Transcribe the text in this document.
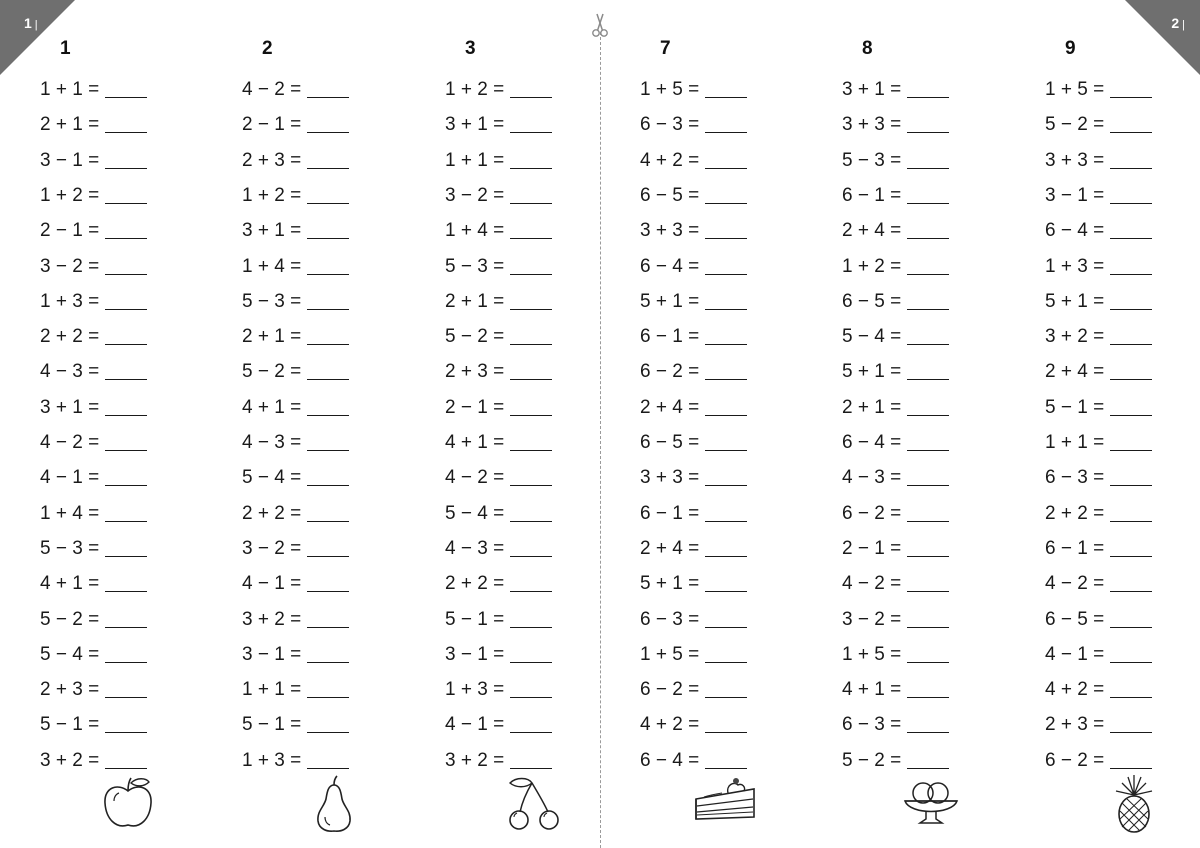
1 |	2 |
1
1 + 1 =
2 + 1 =
3 − 1 =
1 + 2 =
2 − 1 =
3 − 2 =
1 + 3 =
2 + 2 =
4 − 3 =
3 + 1 =
4 − 2 =
4 − 1 =
1 + 4 =
5 − 3 =
4 + 1 =
5 − 2 =
5 − 4 =
2 + 3 =
5 − 1 =
3 + 2 =
2
4 − 2 =
2 − 1 =
2 + 3 =
1 + 2 =
3 + 1 =
1 + 4 =
5 − 3 =
2 + 1 =
5 − 2 =
4 + 1 =
4 − 3 =
5 − 4 =
2 + 2 =
3 − 2 =
4 − 1 =
3 + 2 =
3 − 1 =
1 + 1 =
5 − 1 =
1 + 3 =
3
1 + 2 =
3 + 1 =
1 + 1 =
3 − 2 =
1 + 4 =
5 − 3 =
2 + 1 =
5 − 2 =
2 + 3 =
2 − 1 =
4 + 1 =
4 − 2 =
5 − 4 =
4 − 3 =
2 + 2 =
5 − 1 =
3 − 1 =
1 + 3 =
4 − 1 =
3 + 2 =
7
1 + 5 =
6 − 3 =
4 + 2 =
6 − 5 =
3 + 3 =
6 − 4 =
5 + 1 =
6 − 1 =
6 − 2 =
2 + 4 =
6 − 5 =
3 + 3 =
6 − 1 =
2 + 4 =
5 + 1 =
6 − 3 =
1 + 5 =
6 − 2 =
4 + 2 =
6 − 4 =
8
3 + 1 =
3 + 3 =
5 − 3 =
6 − 1 =
2 + 4 =
1 + 2 =
6 − 5 =
5 − 4 =
5 + 1 =
2 + 1 =
6 − 4 =
4 − 3 =
6 − 2 =
2 − 1 =
4 − 2 =
3 − 2 =
1 + 5 =
4 + 1 =
6 − 3 =
5 − 2 =
9
1 + 5 =
5 − 2 =
3 + 3 =
3 − 1 =
6 − 4 =
1 + 3 =
5 + 1 =
3 + 2 =
2 + 4 =
5 − 1 =
1 + 1 =
6 − 3 =
2 + 2 =
6 − 1 =
4 − 2 =
6 − 5 =
4 − 1 =
4 + 2 =
2 + 3 =
6 − 2 =
